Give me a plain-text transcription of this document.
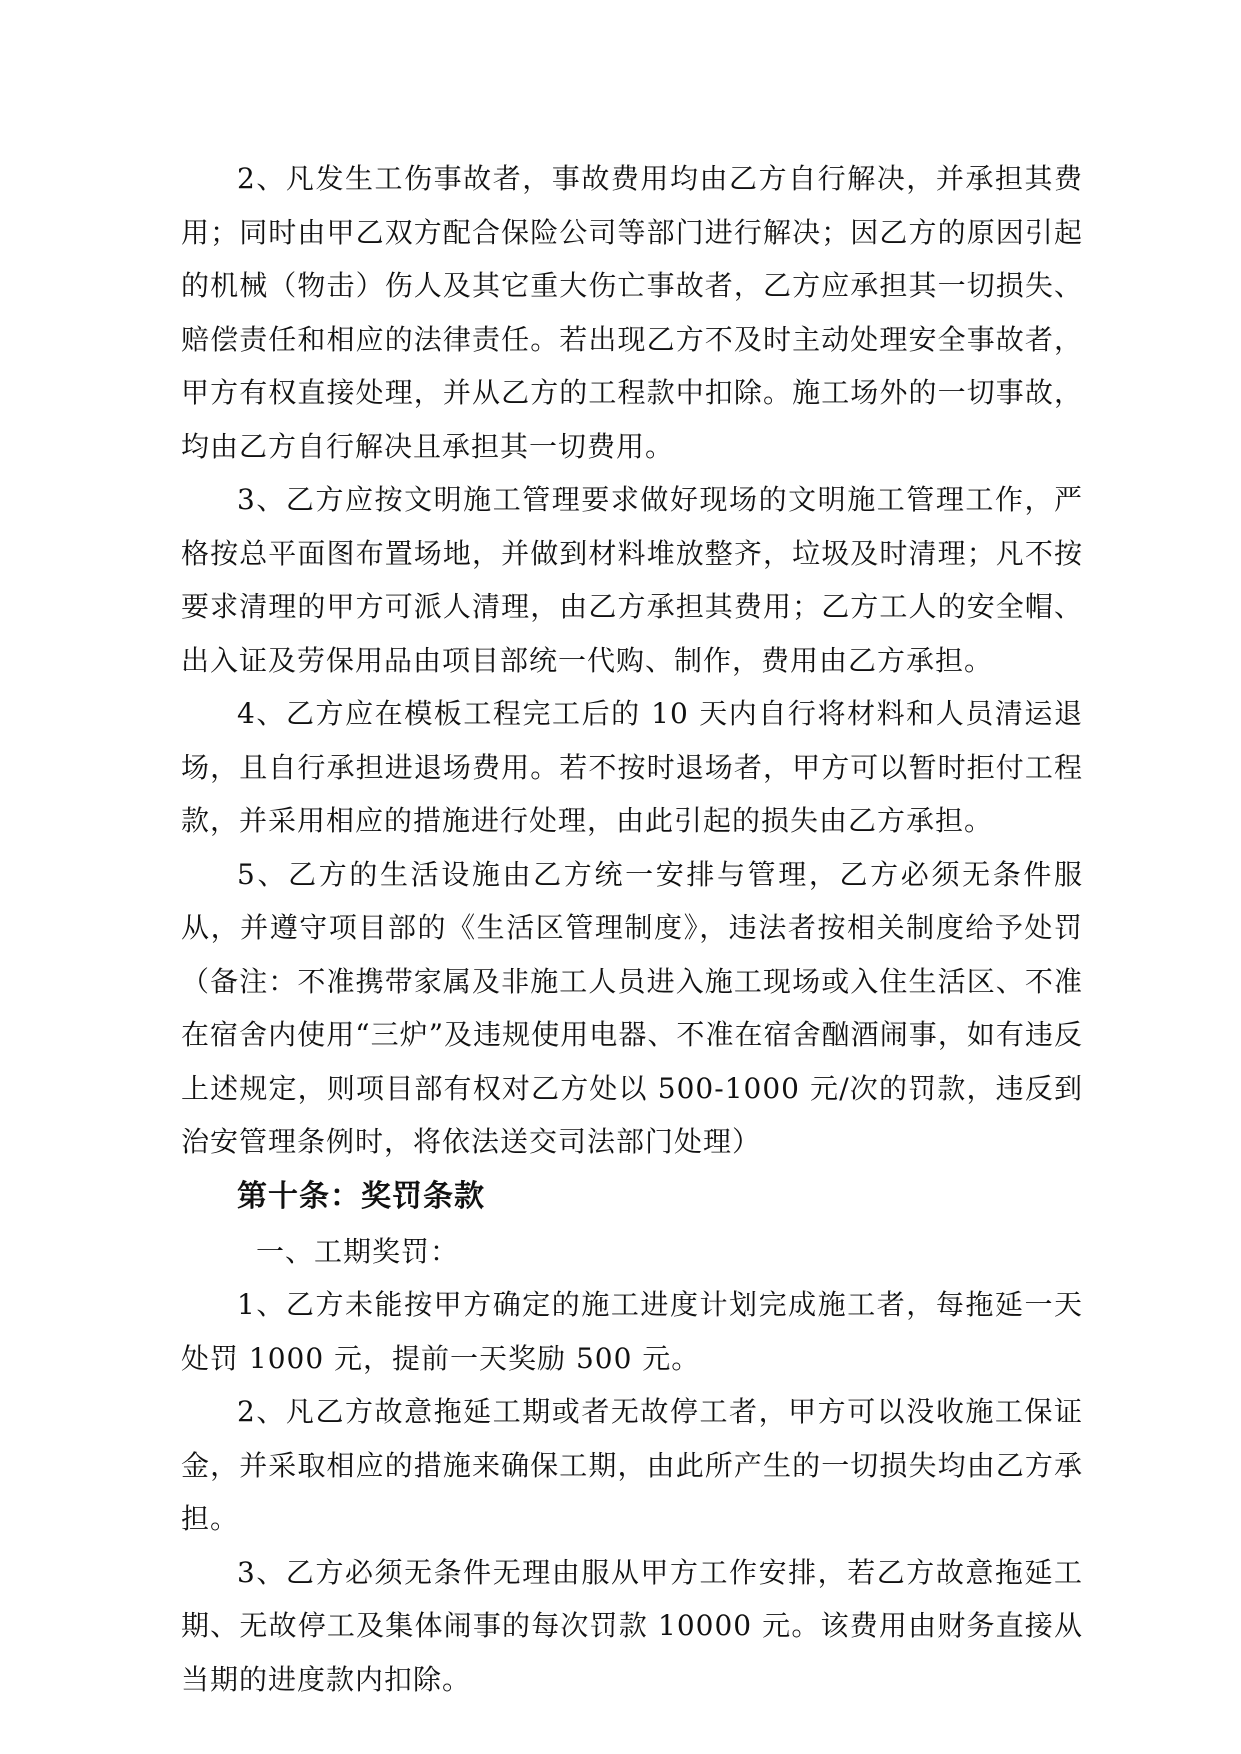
2、凡发生工伤事故者，事故费用均由乙方自行解决，并承担其费用；同时由甲乙双方配合保险公司等部门进行解决；因乙方的原因引起的机械（物击）伤人及其它重大伤亡事故者，乙方应承担其一切损失、赔偿责任和相应的法律责任。若出现乙方不及时主动处理安全事故者，甲方有权直接处理，并从乙方的工程款中扣除。施工场外的一切事故，均由乙方自行解决且承担其一切费用。

3、乙方应按文明施工管理要求做好现场的文明施工管理工作，严格按总平面图布置场地，并做到材料堆放整齐，垃圾及时清理；凡不按要求清理的甲方可派人清理，由乙方承担其费用；乙方工人的安全帽、出入证及劳保用品由项目部统一代购、制作，费用由乙方承担。

4、乙方应在模板工程完工后的 10 天内自行将材料和人员清运退场，且自行承担进退场费用。若不按时退场者，甲方可以暂时拒付工程款，并采用相应的措施进行处理，由此引起的损失由乙方承担。

5、乙方的生活设施由乙方统一安排与管理，乙方必须无条件服从，并遵守项目部的《生活区管理制度》，违法者按相关制度给予处罚（备注：不准携带家属及非施工人员进入施工现场或入住生活区、不准在宿舍内使用“三炉”及违规使用电器、不准在宿舍酗酒闹事，如有违反上述规定，则项目部有权对乙方处以 500-1000 元/次的罚款，违反到治安管理条例时，将依法送交司法部门处理）

第十条：奖罚条款

一、工期奖罚：

1、乙方未能按甲方确定的施工进度计划完成施工者，每拖延一天处罚 1000 元，提前一天奖励 500 元。

2、凡乙方故意拖延工期或者无故停工者，甲方可以没收施工保证金，并采取相应的措施来确保工期，由此所产生的一切损失均由乙方承担。

3、乙方必须无条件无理由服从甲方工作安排，若乙方故意拖延工期、无故停工及集体闹事的每次罚款 10000 元。该费用由财务直接从当期的进度款内扣除。
